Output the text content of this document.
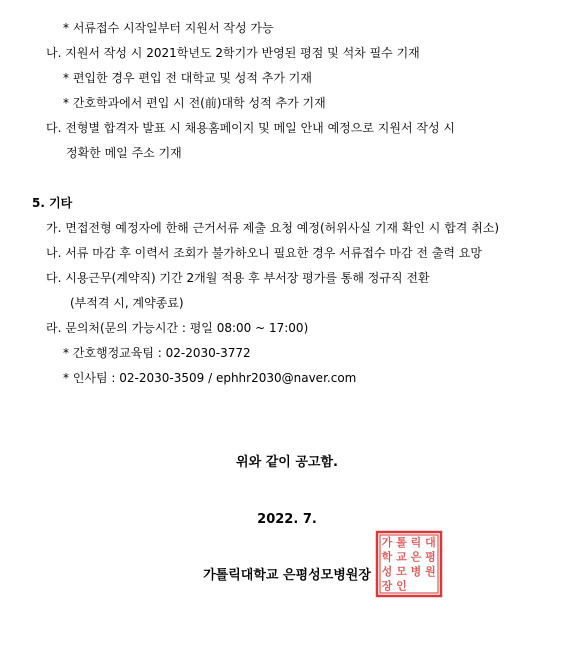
* 서류접수 시작일부터 지원서 작성 가능
나. 지원서 작성 시 2021학년도 2학기가 반영된 평점 및 석차 필수 기재
* 편입한 경우 편입 전 대학교 및 성적 추가 기재
* 간호학과에서 편입 시 전(前)대학 성적 추가 기재
다. 전형별 합격자 발표 시 채용홈페이지 및 메일 안내 예정으로 지원서 작성 시
정확한 메일 주소 기재
5. 기타
가. 면접전형 예정자에 한해 근거서류 제출 요청 예정(허위사실 기재 확인 시 합격 취소)
나. 서류 마감 후 이력서 조회가 불가하오니 필요한 경우 서류접수 마감 전 출력 요망
다. 시용근무(계약직) 기간 2개월 적용 후 부서장 평가를 통해 정규직 전환
(부적격 시, 계약종료)
라. 문의처(문의 가능시간 : 평일 08:00 ~ 17:00)
* 간호행정교육팀 : 02-2030-3772
* 인사팀 : 02-2030-3509 / ephhr2030@naver.com
위와 같이 공고함.
2022. 7.
가톨릭대학교 은평성모병원장
가 톨 릭 대
학 교 은 평
성 모 병 원
장 인
